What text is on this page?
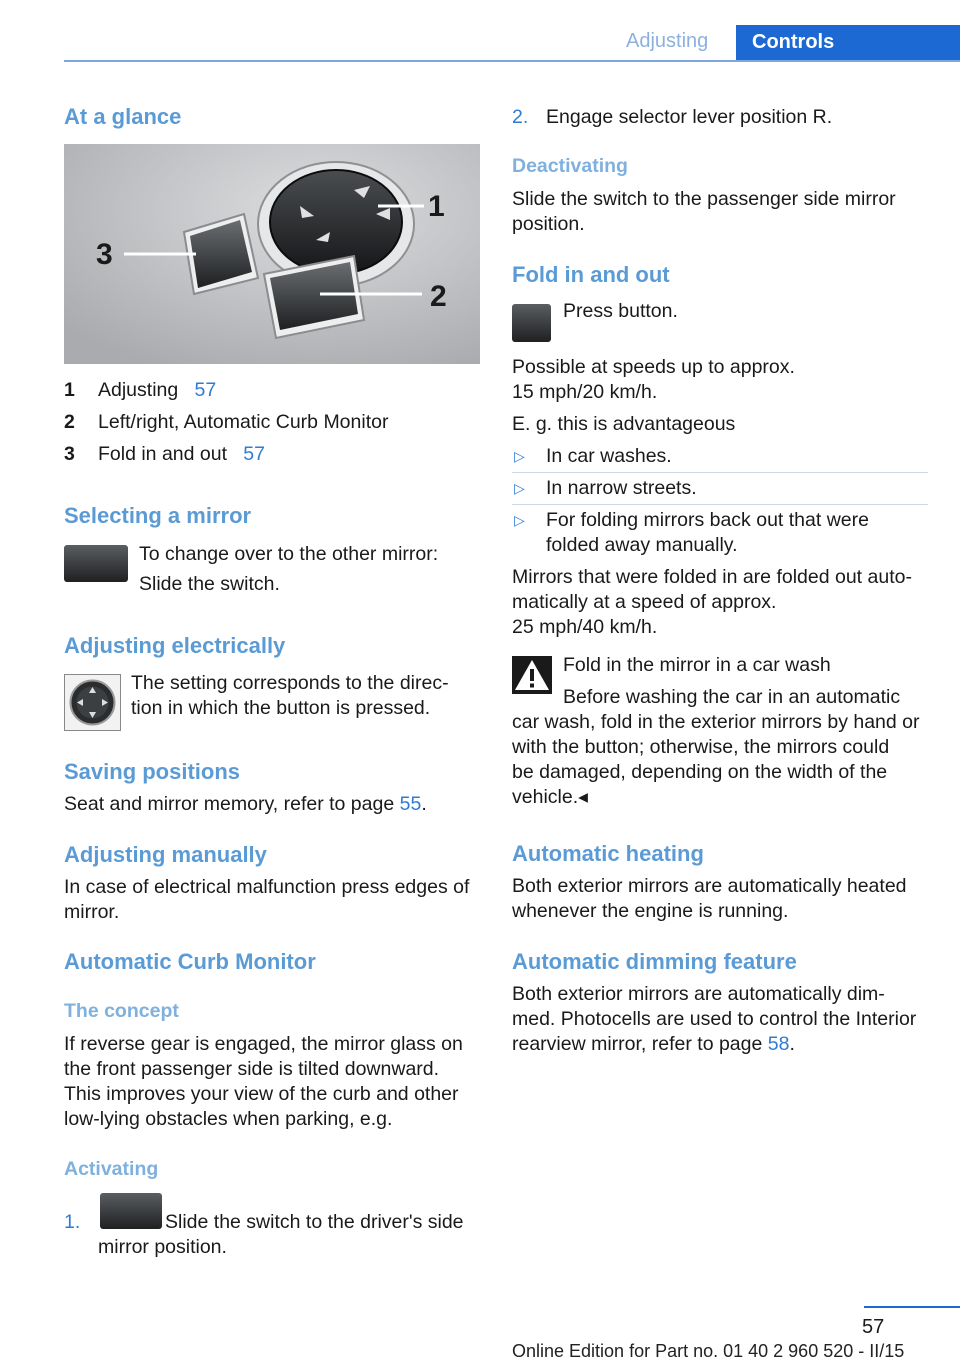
Adjusting	Controls
At a glance
1
2
3
1 Adjusting 57
2 Left/right, Automatic Curb Monitor
3 Fold in and out 57
Selecting a mirror
To change over to the other mirror:
Slide the switch.
Adjusting electrically
The setting corresponds to the direc-
tion in which the button is pressed.
Saving positions
Seat and mirror memory, refer to page 55.
Adjusting manually
In case of electrical malfunction press edges of
mirror.
Automatic Curb Monitor
The concept
If reverse gear is engaged, the mirror glass on
the front passenger side is tilted downward.
This improves your view of the curb and other
low-lying obstacles when parking, e.g.
Activating
1.	Slide the switch to the driver's side
mirror position.
2. Engage selector lever position R.
Deactivating
Slide the switch to the passenger side mirror
position.
Fold in and out
Press button.
Possible at speeds up to approx.
15 mph/20 km/h.
E. g. this is advantageous
▷ In car washes.
▷ In narrow streets.
▷ For folding mirrors back out that were
folded away manually.
Mirrors that were folded in are folded out auto-
matically at a speed of approx.
25 mph/40 km/h.
Fold in the mirror in a car wash
Before washing the car in an automatic
car wash, fold in the exterior mirrors by hand or
with the button; otherwise, the mirrors could
be damaged, depending on the width of the
vehicle.◂
Automatic heating
Both exterior mirrors are automatically heated
whenever the engine is running.
Automatic dimming feature
Both exterior mirrors are automatically dim-
med. Photocells are used to control the Interior
rearview mirror, refer to page 58.
57
Online Edition for Part no. 01 40 2 960 520 - II/15
